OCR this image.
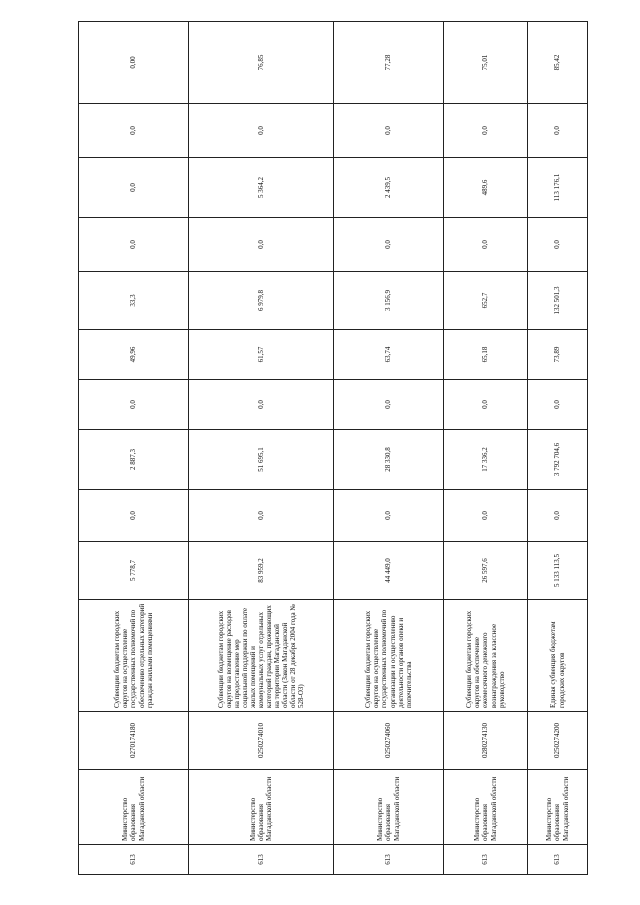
613	Министерство образования Магаданской области	0270174180	Субвенции бюджетам городских округов на осуществление государственных полномочий по обеспечению отдельных категорий граждан жилыми помещениями	5 778,7	0,0	2 887,3	0,0	49,96	33,3	0,0	0,0	0,0	0,00
613	Министерство образования Магаданской области	0250274010	Субвенции бюджетам городских округов на возмещение расходов на предоставление мер социальной поддержки по оплате жилых помещений и коммунальных услуг отдельных категорий граждан, проживающих на территории Магаданской области (Закон Магаданской области от 28 декабря 2004 года № 528-ОЗ)	83 959,2	0,0	51 695,1	0,0	61,57	6 979,8	0,0	5 364,2	0,0	76,85
613	Министерство образования Магаданской области	0250274060	Субвенции бюджетам городских округов на осуществление государственных полномочий по организации и осуществлению деятельности органов опеки и попечительства	44 449,0	0,0	28 330,8	0,0	63,74	3 156,9	0,0	2 439,5	0,0	77,28
613	Министерство образования Магаданской области	0280274130	Субвенции бюджетам городских округов на обеспечение ежемесячного денежного вознаграждения за классное руководство	26 597,6	0,0	17 336,2	0,0	65,18	652,7	0,0	489,6	0,0	75,01
613	Министерство образования Магаданской области	0250274200	Единая субвенция бюджетам городских округов	5 133 113,5	0,0	3 792 704,6	0,0	73,89	132 501,3	0,0	113 176,1	0,0	85,42
